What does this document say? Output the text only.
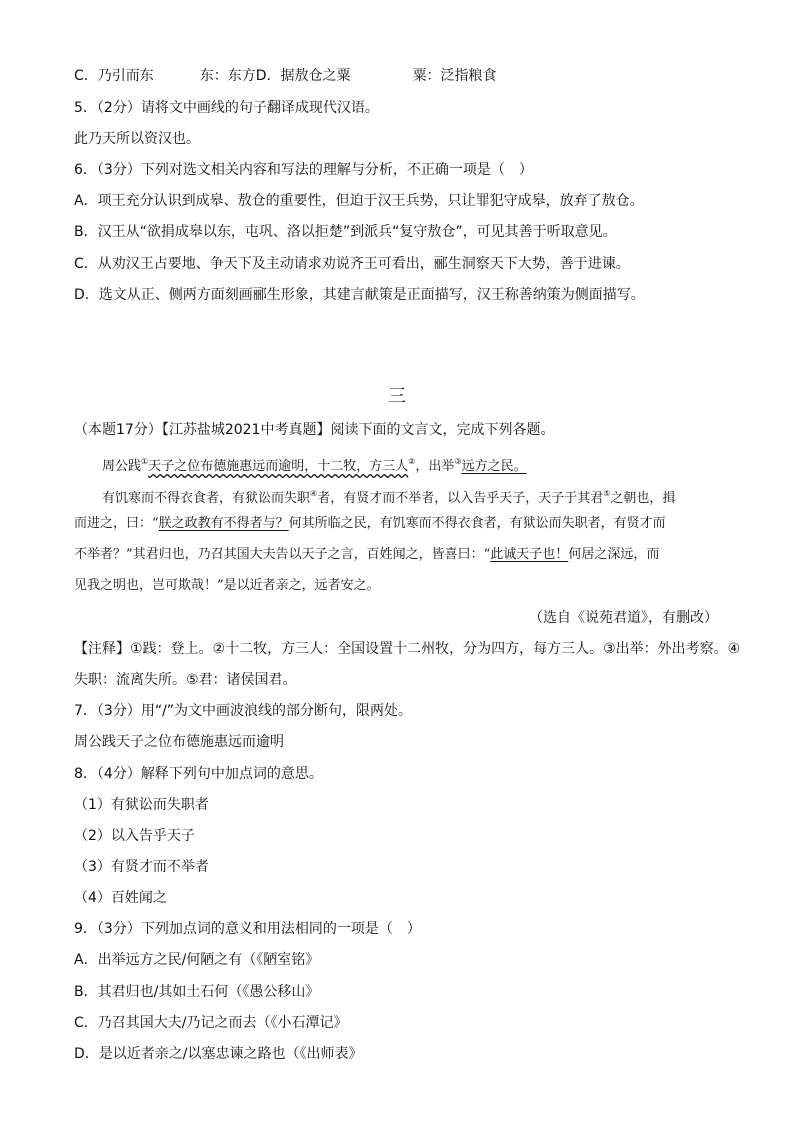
C．乃引而东	东：东方D．据敖仓之粟	粟：泛指粮食
5．（2分）请将文中画线的句子翻译成现代汉语。
此乃天所以资汉也。
6．（3分）下列对选文相关内容和写法的理解与分析，不正确一项是（　）
A．项王充分认识到成皋、敖仓的重要性，但迫于汉王兵势，只让罪犯守成皋，放弃了敖仓。
B．汉王从“欲捐成皋以东，屯巩、洛以拒楚”到派兵“复守敖仓”，可见其善于听取意见。
C．从劝汉王占要地、争天下及主动请求劝说齐王可看出，郦生洞察天下大势，善于进谏。
D．选文从正、侧两方面刻画郦生形象，其建言献策是正面描写，汉王称善纳策为侧面描写。
三
（本题17分）【江苏盐城2021中考真题】阅读下面的文言文，完成下列各题。
周公践①天子之位布德施惠远而逾明，十二牧，方三人②，出举③远方之民。
有饥寒而不得衣食者，有狱讼而失职④者，有贤才而不举者，以入告乎天子，天子于其君⑤之朝也，揖
而进之，曰：“朕之政教有不得者与？何其所临之民，有饥寒而不得衣食者，有狱讼而失职者，有贤才而
不举者？”其君归也，乃召其国大夫告以天子之言，百姓闻之，皆喜曰：“此诚天子也！何居之深远，而
见我之明也，岂可欺哉！”是以近者亲之，远者安之。
（选自《说苑君道》，有删改）
【注释】①践：登上。②十二牧，方三人：全国设置十二州牧，分为四方，每方三人。③出举：外出考察。④
失职：流离失所。⑤君：诸侯国君。
7．（3分）用“/”为文中画波浪线的部分断句，限两处。
周公践天子之位布德施惠远而逾明
8．（4分）解释下列句中加点词的意思。
（1）有狱讼而失职者
（2）以入告乎天子
（3）有贤才而不举者
（4）百姓闻之
9．（3分）下列加点词的意义和用法相同的一项是（　）
A．出举远方之民/何陋之有（《陋室铭》
B．其君归也/其如土石何（《愚公移山》
C．乃召其国大夫/乃记之而去（《小石潭记》
D．是以近者亲之/以塞忠谏之路也（《出师表》
